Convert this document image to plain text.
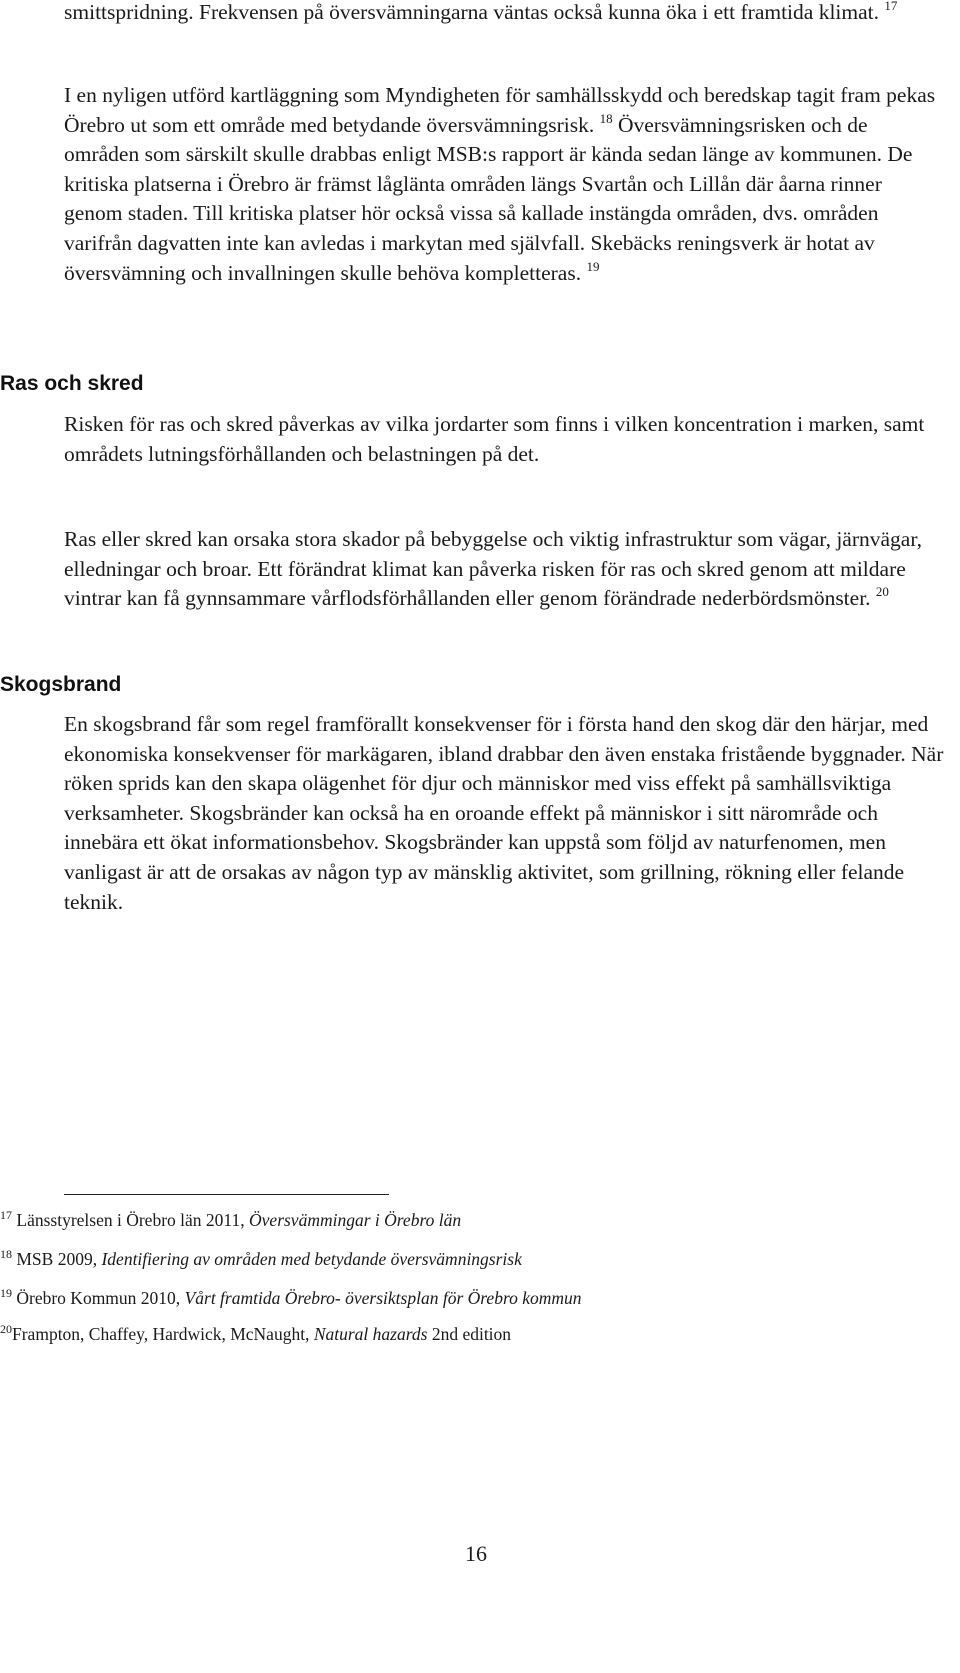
smittspridning. Frekvensen på översvämningarna väntas också kunna öka i ett framtida klimat. $^{17}$

I en nyligen utförd kartläggning som Myndigheten för samhällsskydd och beredskap tagit fram pekas Örebro ut som ett område med betydande översvämningsrisk. $^{18}$ Översvämningsrisken och de områden som särskilt skulle drabbas enligt MSB:s rapport är kända sedan länge av kommunen. De kritiska platserna i Örebro är främst låglänta områden längs Svartån och Lillån där åarna rinner genom staden. Till kritiska platser hör också vissa så kallade instängda områden, dvs. områden varifrån dagvatten inte kan avledas i markytan med självfall. Skebäcks reningsverk är hotat av översvämning och invallningen skulle behöva kompletteras. $^{19}$

Ras och skred

Risken för ras och skred påverkas av vilka jordarter som finns i vilken koncentration i marken, samt områdets lutningsförhållanden och belastningen på det.

Ras eller skred kan orsaka stora skador på bebyggelse och viktig infrastruktur som vägar, järnvägar, elledningar och broar. Ett förändrat klimat kan påverka risken för ras och skred genom att mildare vintrar kan få gynnsammare vårflodsförhållanden eller genom förändrade nederbördsmönster. $^{20}$

Skogsbrand

En skogsbrand får som regel framförallt konsekvenser för i första hand den skog där den härjar, med ekonomiska konsekvenser för markägaren, ibland drabbar den även enstaka fristående byggnader. När röken sprids kan den skapa olägenhet för djur och människor med viss effekt på samhällsviktiga verksamheter. Skogsbränder kan också ha en oroande effekt på människor i sitt närområde och innebära ett ökat informationsbehov. Skogsbränder kan uppstå som följd av naturfenomen, men vanligast är att de orsakas av någon typ av mänsklig aktivitet, som grillning, rökning eller felande teknik.

$^{17}$ Länsstyrelsen i Örebro län 2011, Översvämmingar i Örebro län

$^{18}$ MSB 2009, Identifiering av områden med betydande översvämningsrisk

$^{19}$ Örebro Kommun 2010, Vårt framtida Örebro- översiktsplan för Örebro kommun

$^{20}$Frampton, Chaffey, Hardwick, McNaught, Natural hazards 2nd edition

16
